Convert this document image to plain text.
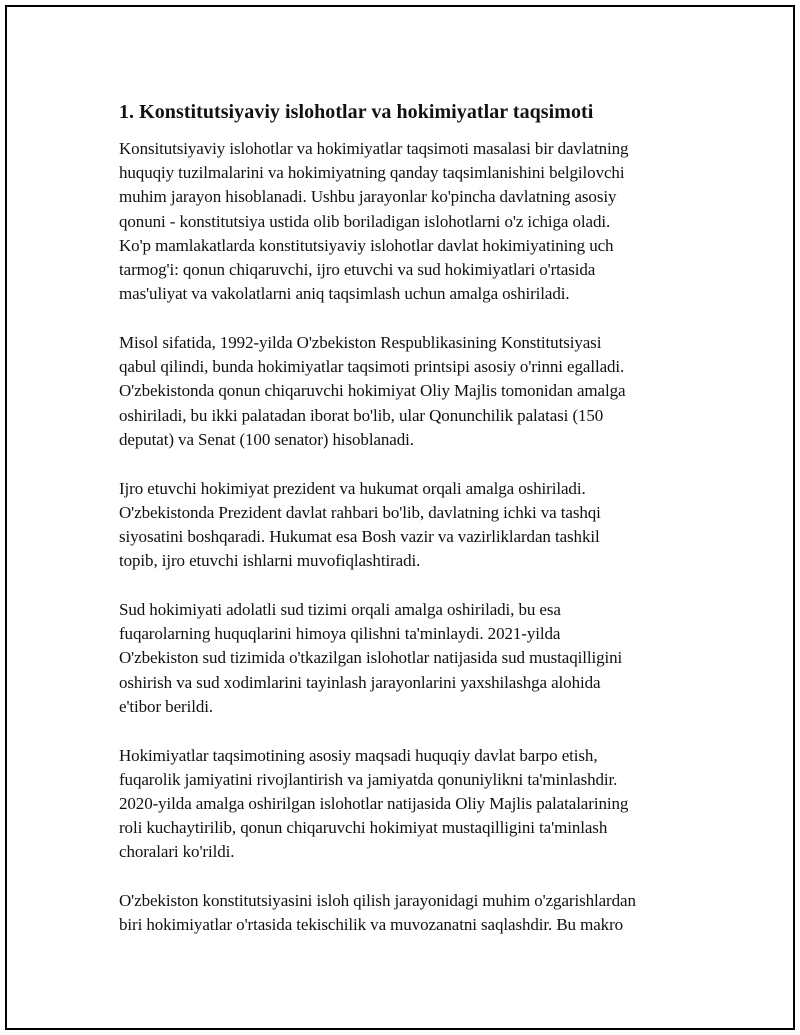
1. Konstitutsiyaviy islohotlar va hokimiyatlar taqsimoti
Konsitutsiyaviy islohotlar va hokimiyatlar taqsimoti masalasi bir davlatning
huquqiy tuzilmalarini va hokimiyatning qanday taqsimlanishini belgilovchi
muhim jarayon hisoblanadi. Ushbu jarayonlar ko'pincha davlatning asosiy
qonuni - konstitutsiya ustida olib boriladigan islohotlarni o'z ichiga oladi.
Ko'p mamlakatlarda konstitutsiyaviy islohotlar davlat hokimiyatining uch
tarmog'i: qonun chiqaruvchi, ijro etuvchi va sud hokimiyatlari o'rtasida
mas'uliyat va vakolatlarni aniq taqsimlash uchun amalga oshiriladi.
Misol sifatida, 1992-yilda O'zbekiston Respublikasining Konstitutsiyasi
qabul qilindi, bunda hokimiyatlar taqsimoti printsipi asosiy o'rinni egalladi.
O'zbekistonda qonun chiqaruvchi hokimiyat Oliy Majlis tomonidan amalga
oshiriladi, bu ikki palatadan iborat bo'lib, ular Qonunchilik palatasi (150
deputat) va Senat (100 senator) hisoblanadi.
Ijro etuvchi hokimiyat prezident va hukumat orqali amalga oshiriladi.
O'zbekistonda Prezident davlat rahbari bo'lib, davlatning ichki va tashqi
siyosatini boshqaradi. Hukumat esa Bosh vazir va vazirliklardan tashkil
topib, ijro etuvchi ishlarni muvofiqlashtiradi.
Sud hokimiyati adolatli sud tizimi orqali amalga oshiriladi, bu esa
fuqarolarning huquqlarini himoya qilishni ta'minlaydi. 2021-yilda
O'zbekiston sud tizimida o'tkazilgan islohotlar natijasida sud mustaqilligini
oshirish va sud xodimlarini tayinlash jarayonlarini yaxshilashga alohida
e'tibor berildi.
Hokimiyatlar taqsimotining asosiy maqsadi huquqiy davlat barpo etish,
fuqarolik jamiyatini rivojlantirish va jamiyatda qonuniylikni ta'minlashdir.
2020-yilda amalga oshirilgan islohotlar natijasida Oliy Majlis palatalarining
roli kuchaytirilib, qonun chiqaruvchi hokimiyat mustaqilligini ta'minlash
choralari ko'rildi.
O'zbekiston konstitutsiyasini isloh qilish jarayonidagi muhim o'zgarishlardan
biri hokimiyatlar o'rtasida tekischilik va muvozanatni saqlashdir. Bu makro
